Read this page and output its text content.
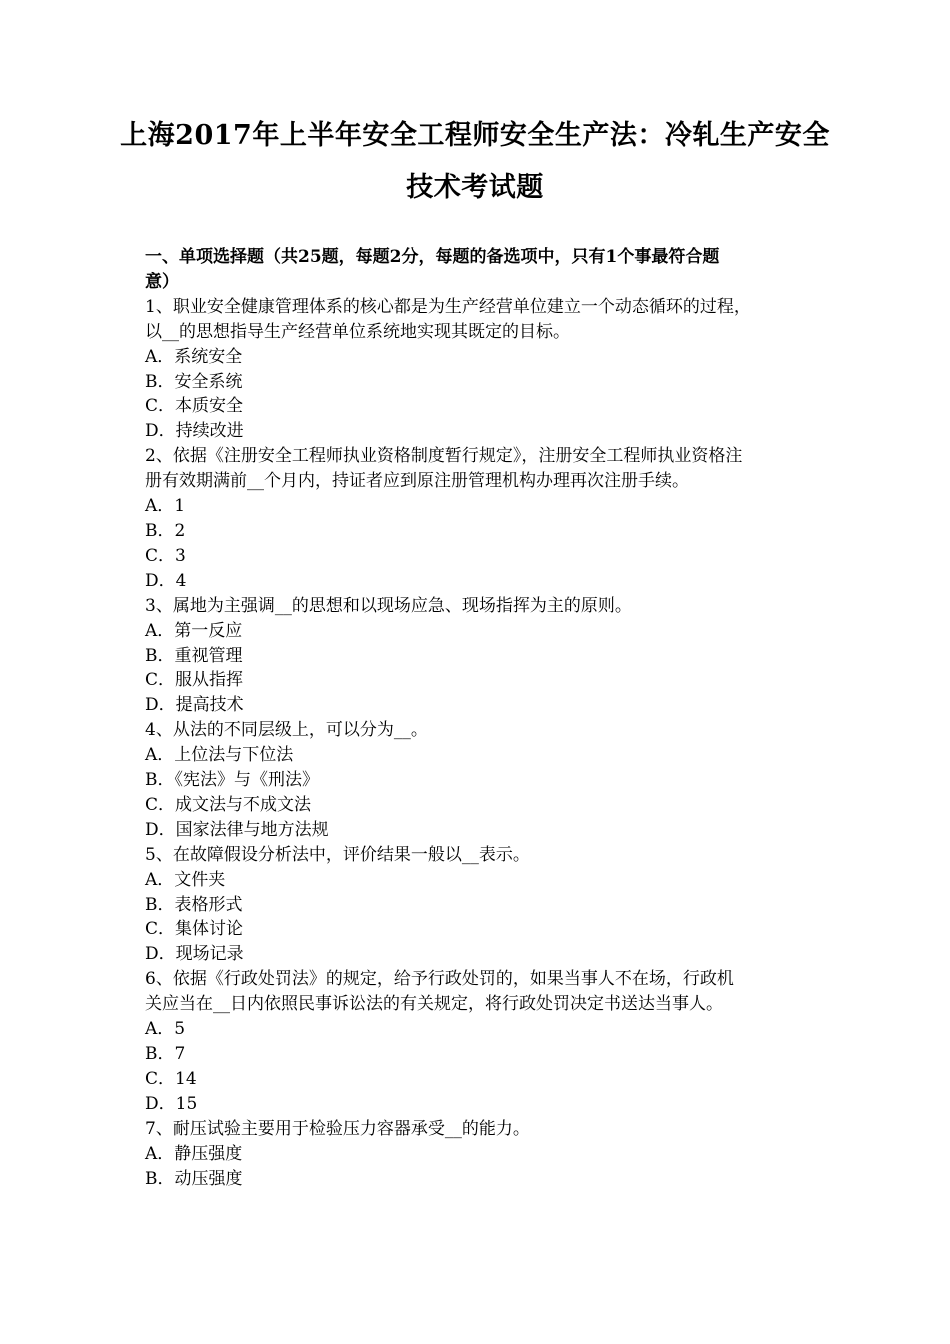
上海2017年上半年安全工程师安全生产法：冷轧生产安全
技术考试题
一、单项选择题（共25题，每题2分，每题的备选项中，只有1个事最符合题
意）
1、职业安全健康管理体系的核心都是为生产经营单位建立一个动态循环的过程，
以__的思想指导生产经营单位系统地实现其既定的目标。
A．系统安全
B．安全系统
C．本质安全
D．持续改进
2、依据《注册安全工程师执业资格制度暂行规定》，注册安全工程师执业资格注
册有效期满前__个月内，持证者应到原注册管理机构办理再次注册手续。
A．1
B．2
C．3
D．4
3、属地为主强调__的思想和以现场应急、现场指挥为主的原则。
A．第一反应
B．重视管理
C．服从指挥
D．提高技术
4、从法的不同层级上，可以分为__。
A．上位法与下位法
B．《宪法》与《刑法》
C．成文法与不成文法
D．国家法律与地方法规
5、在故障假设分析法中，评价结果一般以__表示。
A．文件夹
B．表格形式
C．集体讨论
D．现场记录
6、依据《行政处罚法》的规定，给予行政处罚的，如果当事人不在场，行政机
关应当在__日内依照民事诉讼法的有关规定，将行政处罚决定书送达当事人。
A．5
B．7
C．14
D．15
7、耐压试验主要用于检验压力容器承受__的能力。
A．静压强度
B．动压强度
